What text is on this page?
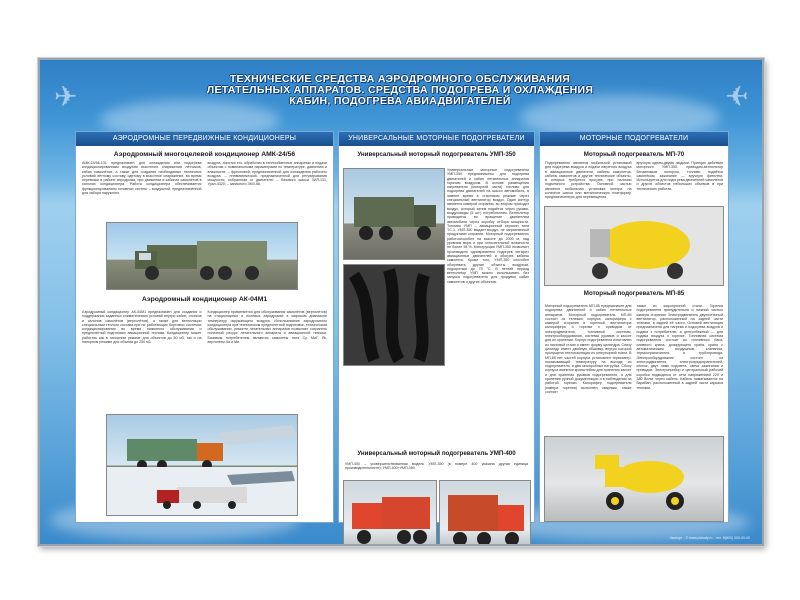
✈	✈
ТЕХНИЧЕСКИЕ СРЕДСТВА АЭРОДРОМНОГО ОБСЛУЖИВАНИЯ ЛЕТАТЕЛЬНЫХ АППАРАТОВ. СРЕДСТВА ПОДОГРЕВА И ОХЛАЖДЕНИЯ КАБИН, ПОДОГРЕВА АВИАДВИГАТЕЛЕЙ
АЭРОДРОМНЫЕ ПЕРЕДВИЖНЫЕ КОНДИЦИОНЕРЫ
Аэродромный многоцелевой кондиционер АМК-24/56
АМК-24/56-131 предназначен для охлаждения или подогрева кондиционированным воздухом высотного снаряжения лётчиков, кабин самолётов, а также для создания необходимых тепличных условий лётному составу, одетому в высотное снаряжение, во время перевозки в районе аэродрома, при движении в кабинах самолётов в салонах кондиционера. Работа кондиционера обеспечивается функционированием основных систем: – воздушной, предназначенной для забора наружного
воздуха, очистки его, обработки в теплообменных аппаратах и подачи объектам с номинальными параметрами по температуре, давлению и влажности; – фреоновой, предназначенной для охлаждения рабочего воздуха; – пневматической, предназначенной для регулирования мощности, собранным от двигателя: – базового шасси ЗИЛ-131, Урал-4320; – запасного ЗМЗ-66.
Аэродромный кондиционер АК-04М1
Аэродромный кондиционер АК-04М1 предназначен для создания и поддержания заданных климатических условий внутри кабин, отсеков и салонов самолётов (вертолётов), а также для вентиляции специальным теплого состава при не работающих бортовых системах кондиционирования во время наземного обслуживания и предполётной подготовки авиационной техники. Кондиционер может работать как в напорном режиме для объектов до 50 м3, так и на напорном режиме для объема до 250 м3.
Кондиционер применяется для обслуживания самолётов (вертолётов) на стационарных и полевых аэродромах в широком диапазоне температур окружающего воздуха. Использование аэродромного кондиционера при техническом предполетной подготовке, техническом обслуживании, ремонте летательных аппаратов позволяет сохранить полезный ресурс летательного аппарата и авиационной техники. Базовым потребителем являются самолеты типа Су, МиГ, Як, вертолеты Ка и Ми.
УНИВЕРСАЛЬНЫЕ МОТОРНЫЕ ПОДОГРЕВАТЕЛИ
Универсальный моторный подогреватель УМП-350
Универсальные моторные подогреватели УМП-350 предназначены для подогрева двигателей и кабин летательных аппаратов горячим воздухом. В основе размещения нагревателя (моторной части) топливо для подогрева двигателей на шасси автомобиля, в зимнее время в стартовом режиме через специальный вентилятор воздух. Один контур является камерой сгорания, во втором проходит воздух, который затем подаётся через рукава-воздуховоды (5 шт.) потребителям. Вентилятор приводится во вращение двигателем автомобиля через коробку отбора мощности. Топливо УМП – авиационный керосин типа ТС-1. УМП-350 выдает воздух, не загрязненный продуктами сгорания. Моторный подогреватель работоспособен на высоте до 2000 м, над уровнем моря и при относительной влажности не более 98 %. Конструкция УМП-350 позволяет производить одновременно подогрев четырех авиационных двигателей и обогрев кабины самолета. Кроме того, УМП-350 способен обогревать другие объекты воздухом, подогретым до 75 °С. В летний период вентилятор УМП можно использовать без запуска подогревателя для продувки кабин самолетов и других объектов.
Универсальный моторный подогреватель УМП-400
УМП-400 – усовершенствованная модель УМП-350 (в номере 400 указана другая единица производительности); УМП-400+УМП-350
МОТОРНЫЕ ПОДОГРЕВАТЕЛИ
Моторный подогреватель МП-70
Подогреватель является мобильной установкой для подогрева воздуха и подачи нагретого воздуха в авиационные двигатели, кабины самолетов, кабины самолетов и другие технические объекты, в которых требуется прогрев; при наличии подъемного устройства. Основной частью является мобильная установка мотора на колесное шасси или металлическую платформу, предназначенную для перемещения
вручную одним-двумя людьми. Принцип действия моторного УМП-350, приводом-вентилятор бензиновым мотором, топливо подаётся самотёком, зажигание — вручную фитилем. Используется для подогрева двигателей самолетов и других объектов небольших объемов в при технических работах.
Моторный подогреватель МП-85
Моторный подогреватель МП-85 предназначен для подогрева двигателей и кабин летательных аппаратов. Моторный подогреватель МП-85 состоит из тележки, корпуса, калорифера с камерой сгорания и горелкой, вентилятора калорифера и горелки с приводом от электродвигателя, топливной системы, электрооборудования, системы рукавов и кассет для их хранения. Корпус подогревателя изготовлен из листовой стали и имеет форму цилиндра. Снизу цилиндр имеет двойную обшивку, внутри которой пропущена теплоизоляция из огнеупорной ткани. В МП-85 нет частей корпуса установлен термометр, показывающий температуру на выходе из подогревателя, и два газопробных патрубка. Сбоку корпуса имеются кронштейны для хранения кассет и для хранения рукавов подогревателя, а для хранения ручной документации и в наблюдении за работой горелки. Калорифер подогревателя (камера горения) выполнен сварным, также состоит
также из жаропрочной стали. Горелка подогревателя принудительна и нижний частью камеры сгорания. Электродвигатель двухпоточный вентилятор, расположенный на задней части тележки, в задней её части. Основой вентиляция предназначена для нагрева и подогрева воздуха и подачи к потребителю, а центробежный — для подачи воздуха к горелке. Топливная система подогревателя состоит из топливного бака, сливного крана, дозирующего крана, крана с автоматическим воздушным клапаном, термоограничителя и трубопровода. Электрооборудование состоит из электродвигателя, электропредохранителей, кнопок, двух ламп подсвета, свечи зажигания и проводов. Электроприбор и центральный рабочий коробки подводятся от сети напряжением 220 и 380 Вольт через кабель. Кабель наматывается на барабан, расположенный в задней части каркаса тележки.
Экспорт - © www.plakaty.ru - тел. 8(800) 000-00-00
